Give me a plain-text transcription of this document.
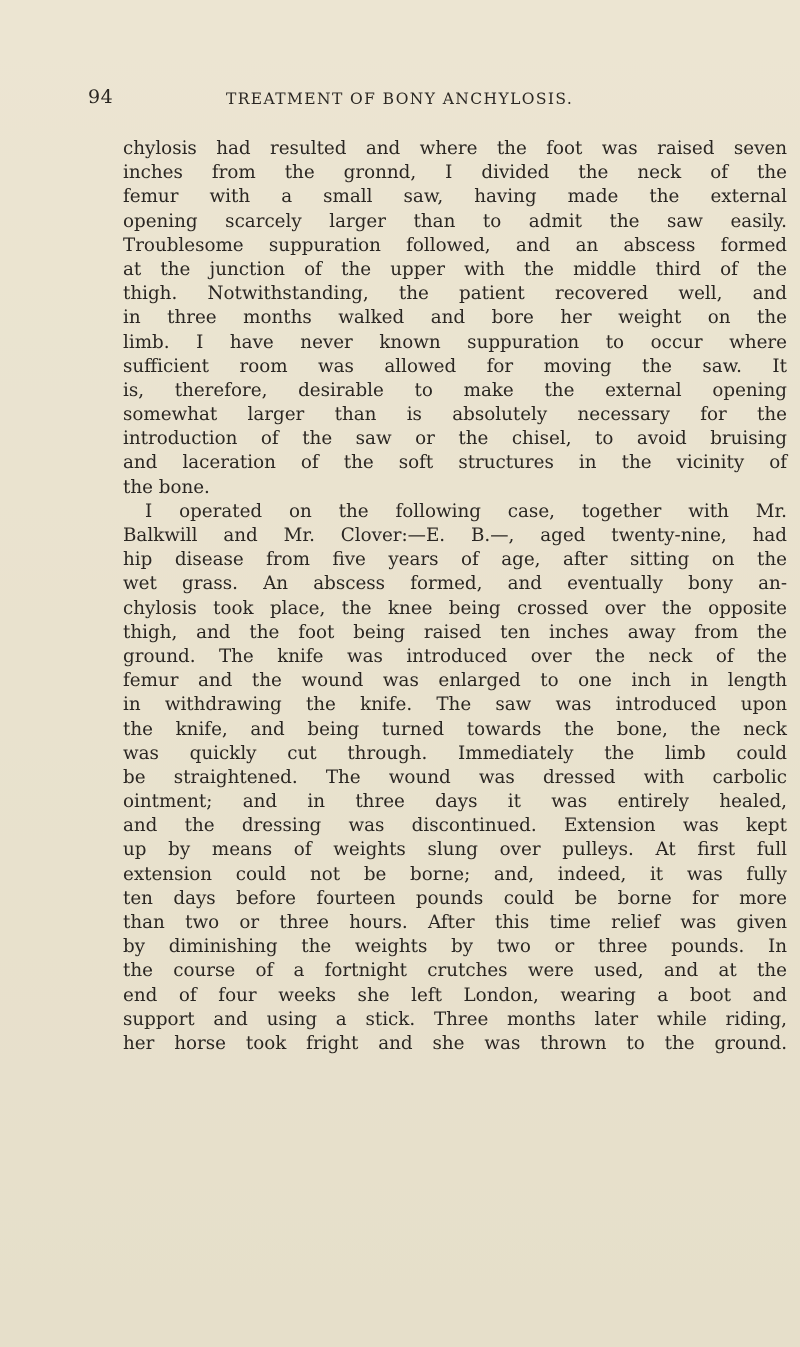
94	TREATMENT OF BONY ANCHYLOSIS.
chylosis had resulted and where the foot was raised seven
inches from the gronnd, I divided the neck of the
femur with a small saw, having made the external
opening scarcely larger than to admit the saw easily.
Troublesome suppuration followed, and an abscess formed
at the junction of the upper with the middle third of the
thigh. Notwithstanding, the patient recovered well, and
in three months walked and bore her weight on the
limb. I have never known suppuration to occur where
sufficient room was allowed for moving the saw. It
is, therefore, desirable to make the external opening
somewhat larger than is absolutely necessary for the
introduction of the saw or the chisel, to avoid bruising
and laceration of the soft structures in the vicinity of
the bone.
I operated on the following case, together with Mr.
Balkwill and Mr. Clover:—E. B.—, aged twenty-nine, had
hip disease from five years of age, after sitting on the
wet grass. An abscess formed, and eventually bony an-
chylosis took place, the knee being crossed over the opposite
thigh, and the foot being raised ten inches away from the
ground. The knife was introduced over the neck of the
femur and the wound was enlarged to one inch in length
in withdrawing the knife. The saw was introduced upon
the knife, and being turned towards the bone, the neck
was quickly cut through. Immediately the limb could
be straightened. The wound was dressed with carbolic
ointment; and in three days it was entirely healed,
and the dressing was discontinued. Extension was kept
up by means of weights slung over pulleys. At first full
extension could not be borne; and, indeed, it was fully
ten days before fourteen pounds could be borne for more
than two or three hours. After this time relief was given
by diminishing the weights by two or three pounds. In
the course of a fortnight crutches were used, and at the
end of four weeks she left London, wearing a boot and
support and using a stick. Three months later while riding,
her horse took fright and she was thrown to the ground.
